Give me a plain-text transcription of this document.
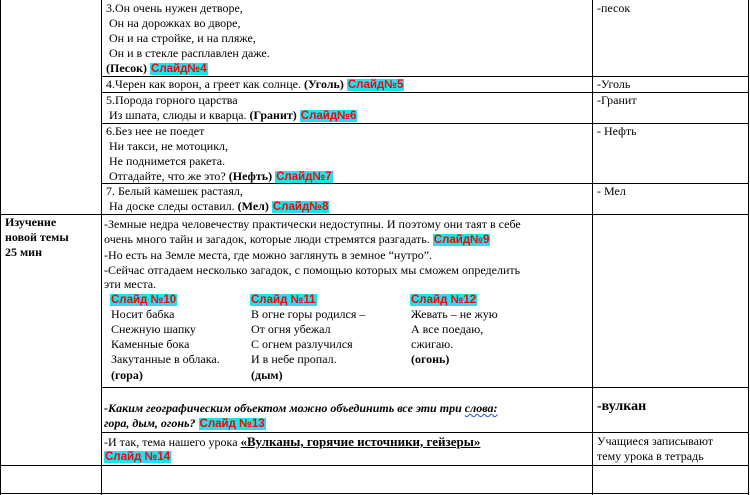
3.Он очень нужен детворе,
Он на дорожках во дворе,
Он и на стройке, и на пляже,
Он и в стекле расплавлен даже.
(Песок) Слайд№4
-песок
4.Черен как ворон, а греет как солнце. (Уголь) Слайд№5	-Уголь
5.Порода горного царства
Из шпата, слюды и кварца. (Гранит) Слайд№6
-Гранит
6.Без нее не поедет
Ни такси, не мотоцикл,
Не поднимется ракета.
Отгадайте, что же это? (Нефть) Слайд№7
- Нефть
7. Белый камешек растаял,
На доске следы оставил. (Мел) Слайд№8
- Мел
Изучение
новой темы
25 мин
-Земные недра человечеству практически недоступны. И поэтому они таят в себе
очень много тайн и загадок, которые люди стремятся разгадать. Слайд№9
-Но есть на Земле места, где можно заглянуть в земное “нутро”.
-Сейчас отгадаем несколько загадок, с помощью которых мы сможем определить
эти места.
Слайд №10
Носит бабка
Снежную шапку
Каменные бока
Закутанные в облака.
(гора)
Слайд №11
В огне горы родился –
От огня убежал
С огнем разлучился
И в небе пропал.
(дым)
Слайд №12
Жевать – не жую
А все поедаю,
сжигаю.
(огонь)
-Каким географическим объектом можно объединить все эти три слова:
гора, дым, огонь? Слайд №13
-вулкан
-И так, тема нашего урока «Вулканы, горячие источники, гейзеры»
Слайд №14
Учащиеся записывают
тему урока в тетрадь
